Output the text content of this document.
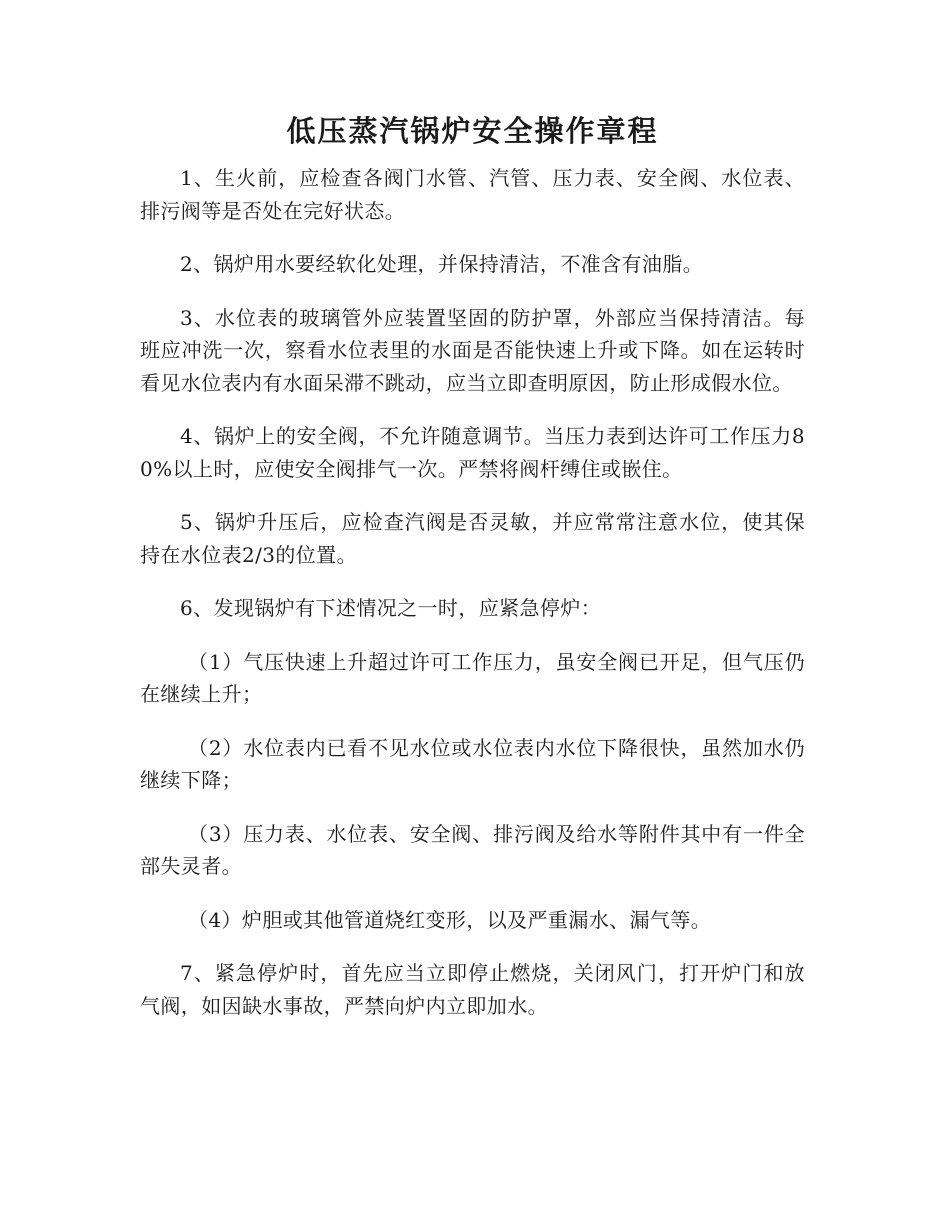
低压蒸汽锅炉安全操作章程

1、生火前，应检查各阀门水管、汽管、压力表、安全阀、水位表、排污阀等是否处在完好状态。

2、锅炉用水要经软化处理，并保持清洁，不准含有油脂。

3、水位表的玻璃管外应装置坚固的防护罩，外部应当保持清洁。每班应冲洗一次，察看水位表里的水面是否能快速上升或下降。如在运转时看见水位表内有水面呆滞不跳动，应当立即查明原因，防止形成假水位。

4、锅炉上的安全阀，不允许随意调节。当压力表到达许可工作压力80%以上时，应使安全阀排气一次。严禁将阀杆缚住或嵌住。

5、锅炉升压后，应检查汽阀是否灵敏，并应常常注意水位，使其保持在水位表2/3的位置。

6、发现锅炉有下述情况之一时，应紧急停炉：

（1）气压快速上升超过许可工作压力，虽安全阀已开足，但气压仍在继续上升；

（2）水位表内已看不见水位或水位表内水位下降很快，虽然加水仍继续下降；

（3）压力表、水位表、安全阀、排污阀及给水等附件其中有一件全部失灵者。

（4）炉胆或其他管道烧红变形，以及严重漏水、漏气等。

7、紧急停炉时，首先应当立即停止燃烧，关闭风门，打开炉门和放气阀，如因缺水事故，严禁向炉内立即加水。
